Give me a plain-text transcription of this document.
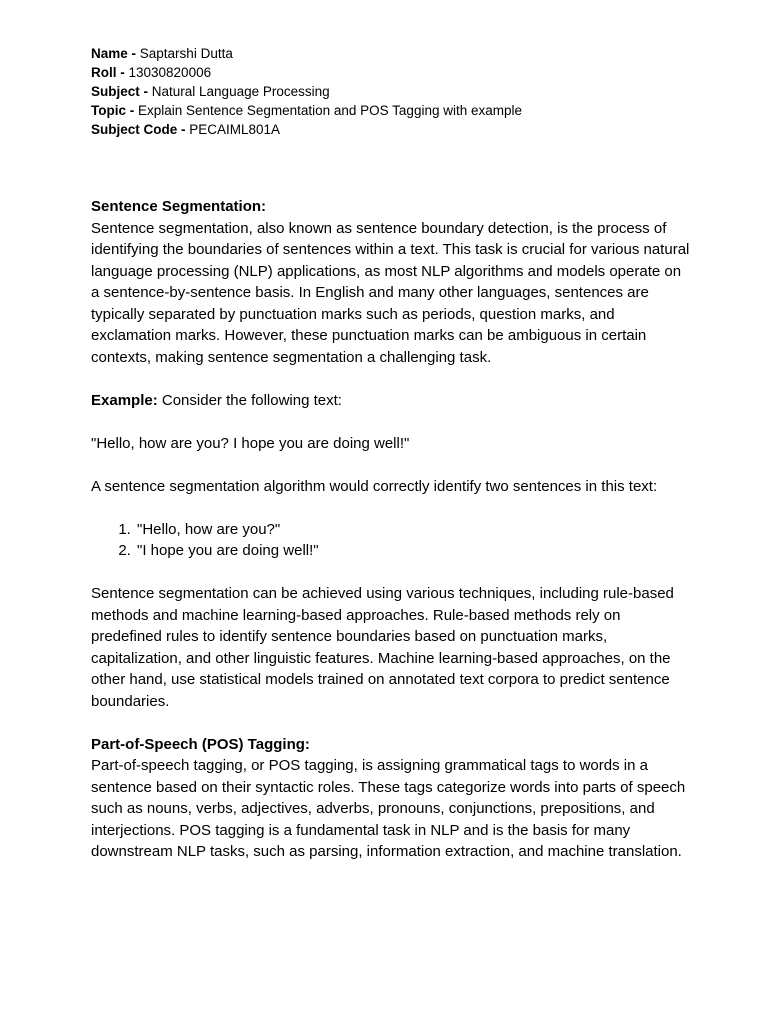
Name - Saptarshi Dutta
Roll - 13030820006
Subject - Natural Language Processing
Topic - Explain Sentence Segmentation and POS Tagging with example
Subject Code - PECAIML801A

Sentence Segmentation:

Sentence segmentation, also known as sentence boundary detection, is the process of identifying the boundaries of sentences within a text. This task is crucial for various natural language processing (NLP) applications, as most NLP algorithms and models operate on a sentence-by-sentence basis. In English and many other languages, sentences are typically separated by punctuation marks such as periods, question marks, and exclamation marks. However, these punctuation marks can be ambiguous in certain contexts, making sentence segmentation a challenging task.

Example: Consider the following text:

"Hello, how are you? I hope you are doing well!"

A sentence segmentation algorithm would correctly identify two sentences in this text:

1. "Hello, how are you?"
2. "I hope you are doing well!"

Sentence segmentation can be achieved using various techniques, including rule-based methods and machine learning-based approaches. Rule-based methods rely on predefined rules to identify sentence boundaries based on punctuation marks, capitalization, and other linguistic features. Machine learning-based approaches, on the other hand, use statistical models trained on annotated text corpora to predict sentence boundaries.

Part-of-Speech (POS) Tagging:

Part-of-speech tagging, or POS tagging, is assigning grammatical tags to words in a sentence based on their syntactic roles. These tags categorize words into parts of speech such as nouns, verbs, adjectives, adverbs, pronouns, conjunctions, prepositions, and interjections. POS tagging is a fundamental task in NLP and is the basis for many downstream NLP tasks, such as parsing, information extraction, and machine translation.
